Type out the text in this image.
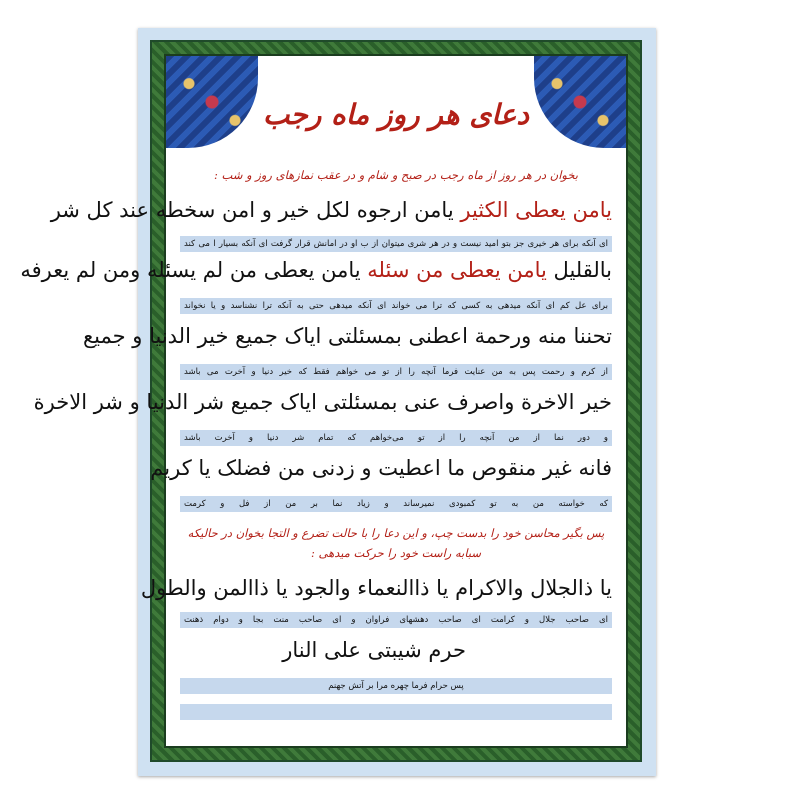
دعای هر روز ماه رجب
بخوان در هر روز از ماه رجب در صبح و شام و در عقب نمازهای روز و شب :
یامن یعطی الکثیر یامن ارجوه لکل خیر و امن سخطه عند کل شر
ای آنکه برای هر خیری جز بتو امید نیست و در هر شری میتوان از ب او در امانش قرار گرفت ای آنکه بسیار ا می کند
بالقلیل یامن یعطی من سئله یامن یعطی من لم یسئله ومن لم یعرفه
برای عل کم ای آنکه میدهی به کسی که ترا می خواند ای آنکه میدهی حتی به آنکه ترا نشناسد و یا نخواند
تحننا منه ورحمة اعطنی بمسئلتی ایاک جمیع خیر الدنیا و جمیع
از کرم و رحمت پس به من عنایت فرما آنچه را از تو می خواهم فقط که خیر دنیا و آخرت می باشد
خیر الاخرة واصرف عنی بمسئلتی ایاک جمیع شر الدنیا و شر الاخرة
و دور نما از من آنچه را از تو می‌خواهم که تمام شر دنیا و آخرت باشد
فانه غیر منقوص ما اعطیت و زدنی من فضلک یا کریم
که خواسته من به تو کمبودی نمیرساند و زیاد نما بر من از فل و کرمت
پس بگیر محاسن خود را بدست چپ، و این دعا را با حالت تضرع و التجا بخوان در حالیکه
سبابه راست خود را حرکت میدهی :
یا ذالجلال والاکرام یا ذاالنعماء والجود یا ذاالمن والطول
ای صاحب جلال و کرامت ای صاحب دهشهای فراوان و ای صاحب منت بجا و دوام ذهنت
حرم شیبتی علی النار
پس حرام فرما چهره مرا بر آتش جهنم
